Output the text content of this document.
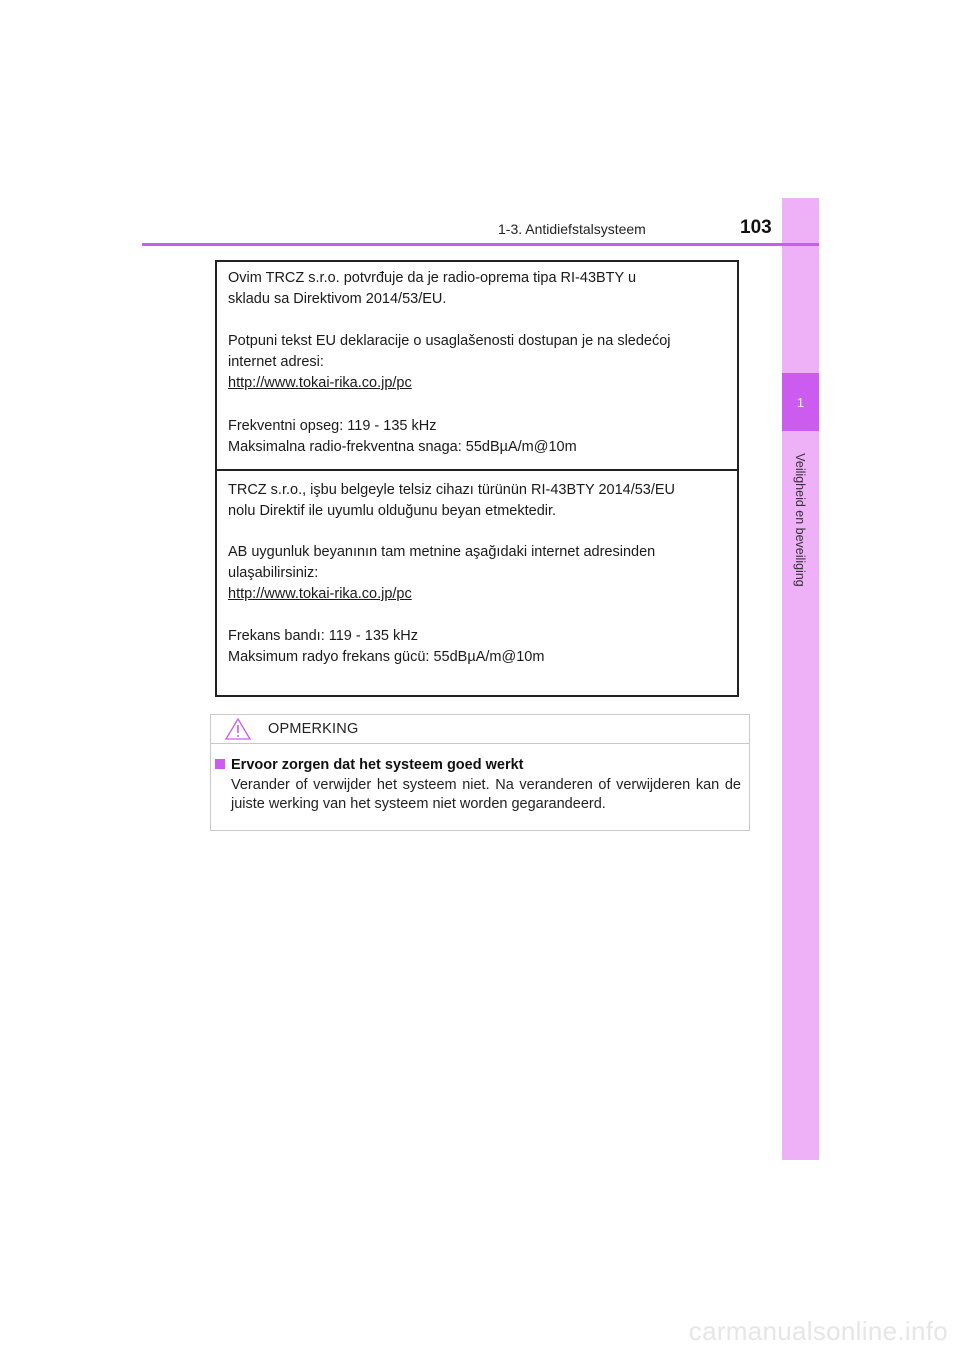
1
Veiligheid en beveiliging
1-3. Antidiefstalsysteem	103
Ovim TRCZ s.r.o. potvrđuje da je radio-oprema tipa RI-43BTY u
skladu sa Direktivom 2014/53/EU.
Potpuni tekst EU deklaracije o usaglašenosti dostupan je na sledećoj
internet adresi:
http://www.tokai-rika.co.jp/pc
Frekventni opseg: 119 - 135 kHz
Maksimalna radio-frekventna snaga: 55dBµA/m@10m
TRCZ s.r.o., işbu belgeyle telsiz cihazı türünün RI-43BTY 2014/53/EU
nolu Direktif ile uyumlu olduğunu beyan etmektedir.
AB uygunluk beyanının tam metnine aşağıdaki internet adresinden
ulaşabilirsiniz:
http://www.tokai-rika.co.jp/pc
Frekans bandı: 119 - 135 kHz
Maksimum radyo frekans gücü: 55dBµA/m@10m
OPMERKING
Ervoor zorgen dat het systeem goed werkt
Verander of verwijder het systeem niet. Na veranderen of verwijderen kan de juiste werking van het systeem niet worden gegarandeerd.
carmanualsonline.info
